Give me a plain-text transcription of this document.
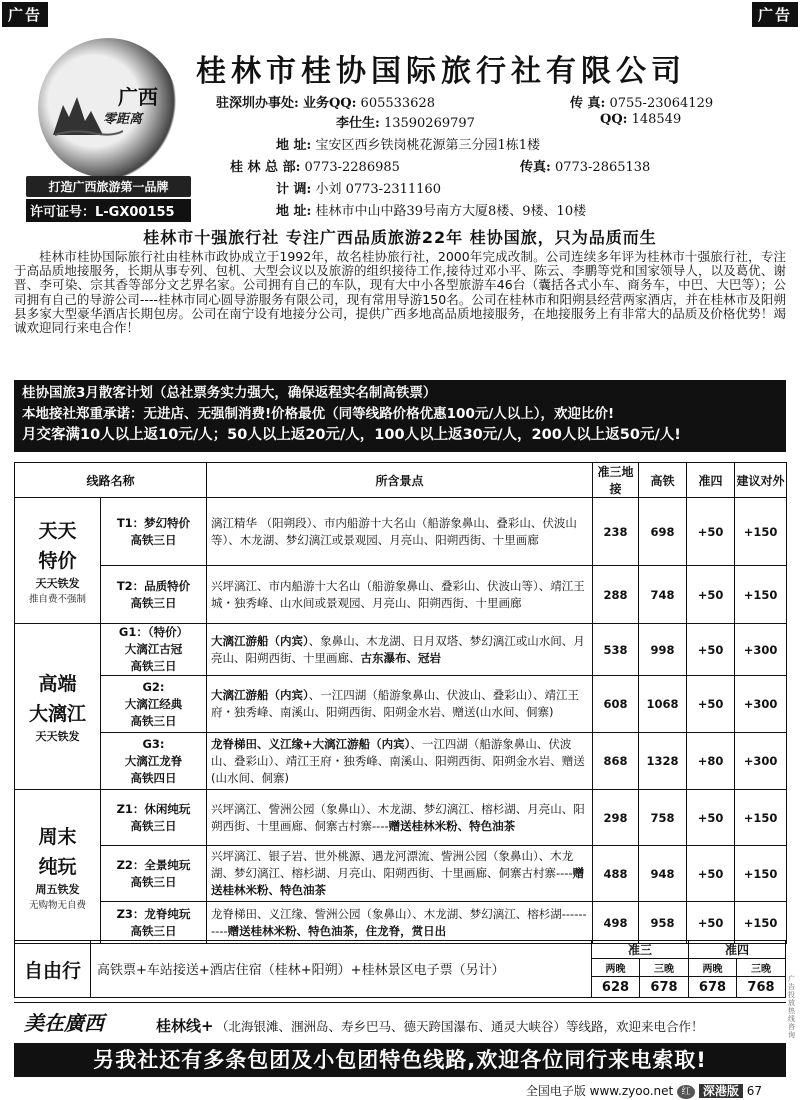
广告	广告
广西
零距离
打造广西旅游第一品牌
许可证号：L-GX00155
桂林市桂协国际旅行社有限公司
驻深圳办事处: 业务QQ: 605533628	传 真: 0755-23064129
李仕生: 13590269797	QQ: 148549
地 址: 宝安区西乡铁岗桃花源第三分园1栋1楼
桂 林 总 部: 0773-2286985	传真: 0773-2865138
计 调: 小刘 0773-2311160
地 址: 桂林市中山中路39号南方大厦8楼、9楼、10楼
桂林市十强旅行社 专注广西品质旅游22年 桂协国旅，只为品质而生
桂林市桂协国际旅行社由桂林市政协成立于1992年，故名桂协旅行社，2000年完成改制。公司连续多年评为桂林市十强旅行社，专注于高品质地接服务，长期从事专列、包机、大型会议以及旅游的组织接待工作,接待过邓小平、陈云、李鹏等党和国家领导人，以及葛优、谢晋、李可染、宗其香等部分文艺界名家。公司拥有自己的车队，现有大中小各型旅游车46台（囊括各式小车、商务车，中巴、大巴等）；公司拥有自己的导游公司----桂林市同心圆导游服务有限公司，现有常用导游150名。公司在桂林市和阳朔县经营两家酒店，并在桂林市及阳朔县多家大型豪华酒店长期包房。公司在南宁设有地接分公司，提供广西多地高品质地接服务，在地接服务上有非常大的品质及价格优势！竭诚欢迎同行来电合作！
桂协国旅3月散客计划（总社票务实力强大，确保返程实名制高铁票）
本地接社郑重承诺：无进店、无强制消费!价格最优（同等线路价格优惠100元/人以上），欢迎比价!
月交客满10人以上返10元/人；50人以上返20元/人，100人以上返30元/人，200人以上返50元/人!
线路名称		所含景点	准三地接	高铁	准四	建议对外

天天
特价
天天铁发
推自费不强制	T1：梦幻特价
高铁三日	漓江精华 （阳朔段）、市内船游十大名山（船游象鼻山、叠彩山、伏波山等）、木龙湖、梦幻漓江或景观园、月亮山、阳朔西街、十里画廊	238	698	+50	+150
	T2：品质特价
高铁三日	兴坪漓江、市内船游十大名山（船游象鼻山、叠彩山、伏波山等）、靖江王城・独秀峰、山水间或景观园、月亮山、阳朔西街、十里画廊	288	748	+50	+150

高端
大漓江
天天铁发	G1：（特价）
大漓江古冠
高铁三日	大漓江游船（内宾）、象鼻山、木龙湖、日月双塔、梦幻漓江或山水间、月亮山、阳朔西街、十里画廊、古东瀑布、冠岩	538	998	+50	+300
	G2:
大漓江经典
高铁三日	大漓江游船（内宾）、一江四湖（船游象鼻山、伏波山、叠彩山）、靖江王府・独秀峰、南溪山、阳朔西街、阳朔金水岩、赠送(山水间、侗寨)	608	1068	+50	+300
	G3:
大漓江龙脊
高铁四日	龙脊梯田、义江缘+大漓江游船（内宾）、一江四湖（船游象鼻山、伏波山、叠彩山）、靖江王府・独秀峰、南溪山、阳朔西街、阳朔金水岩、赠送(山水间、侗寨)	868	1328	+80	+300

周末
纯玩
周五铁发
无购物无自费	Z1：休闲纯玩
高铁三日	兴坪漓江、訾洲公园（象鼻山）、木龙湖、梦幻漓江、榕杉湖、月亮山、阳朔西街、十里画廊、侗寨古村寨----赠送桂林米粉、特色油茶	298	758	+50	+150
	Z2：全景纯玩
高铁三日	兴坪漓江、银子岩、世外桃源、遇龙河漂流、訾洲公园（象鼻山）、木龙湖、梦幻漓江、榕杉湖、月亮山、阳朔西街、十里画廊、侗寨古村寨----赠送桂林米粉、特色油茶	488	948	+50	+150
	Z3：龙脊纯玩
高铁三日	龙脊梯田、义江缘、訾洲公园（象鼻山）、木龙湖、梦幻漓江、榕杉湖----------赠送桂林米粉、特色油茶，住龙脊，赏日出	498	958	+50	+150
自由行	高铁票+车站接送+酒店住宿（桂林+阳朔）+桂林景区电子票（另计）
准三	准四
两晚	三晚	两晚	三晚
628	678	678	768
美在廣西	桂林线+ （北海银滩、涠洲岛、寿乡巴马、德天跨国瀑布、通灵大峡谷）等线路，欢迎来电合作！
另我社还有多条包团及小包团特色线路,欢迎各位同行来电索取!
全国电子版 www.zyoo.net 红 深港版 67
广告投放热线咨询
